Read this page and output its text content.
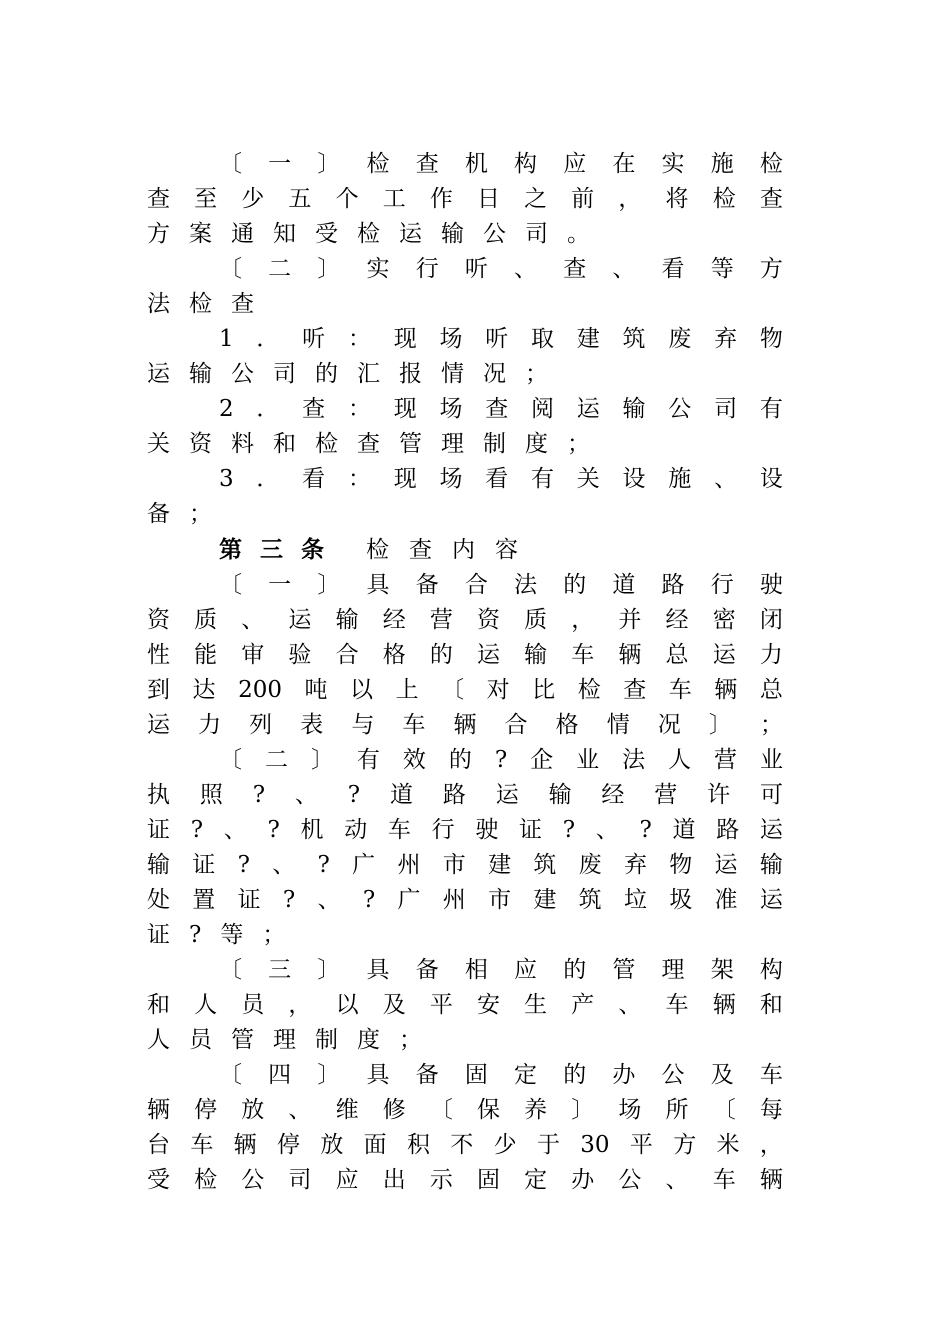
〔 一 〕 检 查 机 构 应 在 实 施 检
查 至 少 五 个 工 作 日 之 前 ， 将 检 查
方 案 通 知 受 检 运 输 公 司 。
〔 二 〕 实 行 听 、 查 、 看 等 方
法 检 查
1 ． 听 ： 现 场 听 取 建 筑 废 弃 物
运 输 公 司 的 汇 报 情 况 ；
2 ． 查 ： 现 场 查 阅 运 输 公 司 有
关 资 料 和 检 查 管 理 制 度 ；
3 ． 看 ： 现 场 看 有 关 设 施 、 设
备 ；
第三条 检查内容
〔 一 〕 具 备 合 法 的 道 路 行 驶
资 质 、 运 输 经 营 资 质 ， 并 经 密 闭
性 能 审 验 合 格 的 运 输 车 辆 总 运 力
到 达 200 吨 以 上 〔 对 比 检 查 车 辆 总
运 力 列 表 与 车 辆 合 格 情 况 〕 ；
〔 二 〕 有 效 的 ? 企 业 法 人 营 业
执 照 ? 、 ? 道 路 运 输 经 营 许 可
证 ? 、 ? 机 动 车 行 驶 证 ? 、 ? 道 路 运
输 证 ? 、 ? 广 州 市 建 筑 废 弃 物 运 输
处 置 证 ? 、 ? 广 州 市 建 筑 垃 圾 准 运
证 ? 等 ；
〔 三 〕 具 备 相 应 的 管 理 架 构
和 人 员 ， 以 及 平 安 生 产 、 车 辆 和
人 员 管 理 制 度 ；
〔 四 〕 具 备 固 定 的 办 公 及 车
辆 停 放 、 维 修 〔 保 养 〕 场 所 〔 每
台 车 辆 停 放 面 积 不 少 于 30 平 方 米 ，
受 检 公 司 应 出 示 固 定 办 公 、 车 辆
